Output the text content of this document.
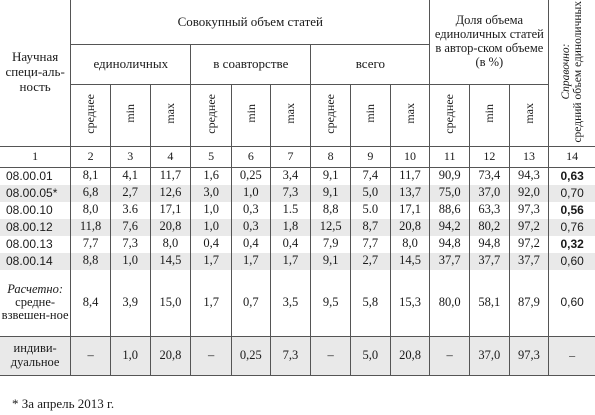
Научная специ-аль-ность	Совокупный объем статей									Доля объема единоличных статей в автор-ском объеме (в %)			Справочно:
средний объем единоличных
	единоличных			в соавторстве			всего						
	среднее	min	max	среднее	min	max	среднее	min	max	среднее	min	max	
1	2	3	4	5	6	7	8	9	10	11	12	13	14
08.00.01	8,1	4,1	11,7	1,6	0,25	3,4	9,1	7,4	11,7	90,9	73,4	94,3	0,63
08.00.05*	6,8	2,7	12,6	3,0	1,0	7,3	9,1	5,0	13,7	75,0	37,0	92,0	0,70
08.00.10	8,0	3.6	17,1	1,0	0,3	1.5	8,8	5.0	17,1	88,6	63,3	97,3	0,56
08.00.12	11,8	7,6	20,8	1,0	0,3	1,8	12,5	8,7	20,8	94,2	80,2	97,2	0,76
08.00.13	7,7	7,3	8,0	0,4	0,4	0,4	7,9	7,7	8,0	94,8	94,8	97,2	0,32
08.00.14	8,8	1,0	14,5	1,7	1,7	1,7	9,1	2,7	14,5	37,7	37,7	37,7	0,60
Расчетно:
средне-взвешен-ное	8,4	3,9	15,0	1,7	0,7	3,5	9,5	5,8	15,3	80,0	58,1	87,9	0,60
индиви-дуальное	–	1,0	20,8	–	0,25	7,3	–	5,0	20,8	–	37,0	97,3	–
* За апрель 2013 г.
